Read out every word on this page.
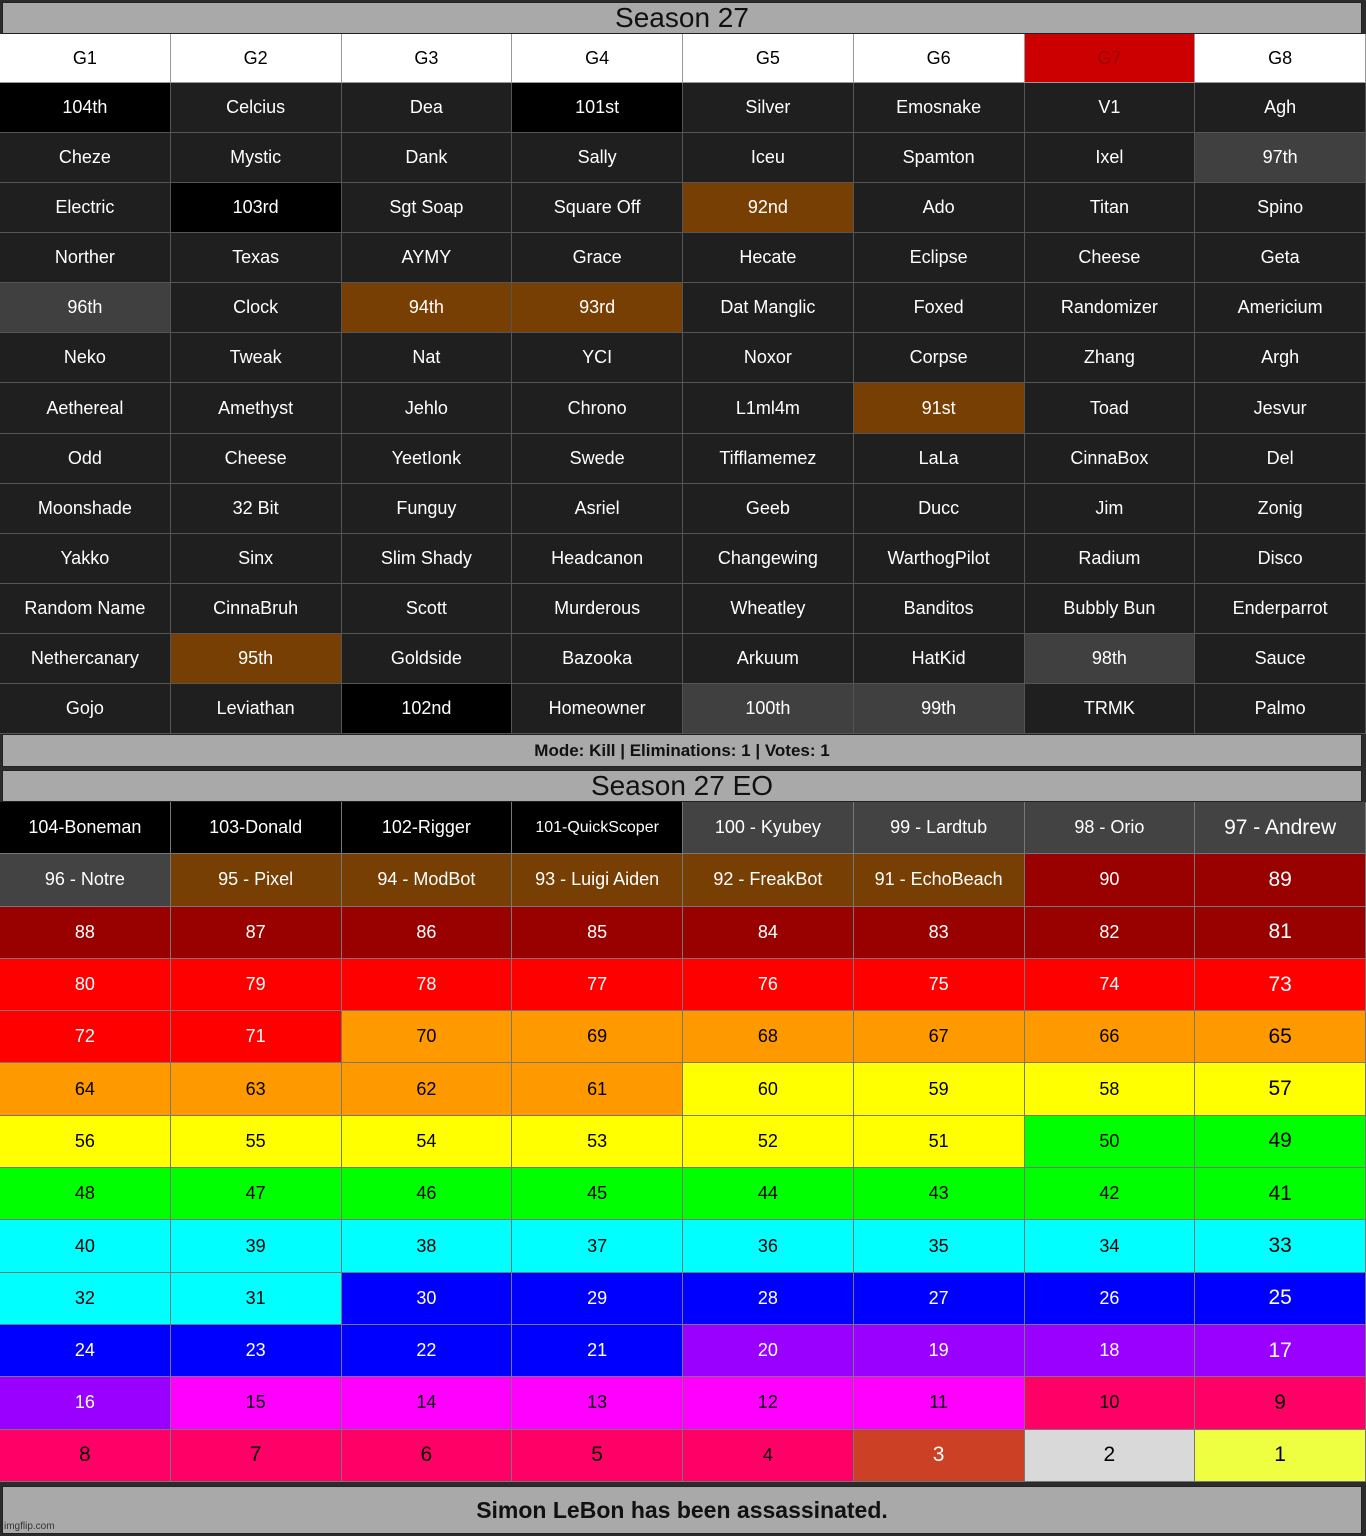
Season 27
G1	G2	G3	G4	G5	G6	G7	G8
104th	Celcius	Dea	101st	Silver	Emosnake	V1	Agh
Cheze	Mystic	Dank	Sally	Iceu	Spamton	Ixel	97th
Electric	103rd	Sgt Soap	Square Off	92nd	Ado	Titan	Spino
Norther	Texas	AYMY	Grace	Hecate	Eclipse	Cheese	Geta
96th	Clock	94th	93rd	Dat Manglic	Foxed	Randomizer	Americium
Neko	Tweak	Nat	YCI	Noxor	Corpse	Zhang	Argh
Aethereal	Amethyst	Jehlo	Chrono	L1ml4m	91st	Toad	Jesvur
Odd	Cheese	YeetIonk	Swede	Tifflamemez	LaLa	CinnaBox	Del
Moonshade	32 Bit	Funguy	Asriel	Geeb	Ducc	Jim	Zonig
Yakko	Sinx	Slim Shady	Headcanon	Changewing	WarthogPilot	Radium	Disco
Random Name	CinnaBruh	Scott	Murderous	Wheatley	Banditos	Bubbly Bun	Enderparrot
Nethercanary	95th	Goldside	Bazooka	Arkuum	HatKid	98th	Sauce
Gojo	Leviathan	102nd	Homeowner	100th	99th	TRMK	Palmo
Mode: Kill | Eliminations: 1 | Votes: 1
Season 27 EO
104-Boneman	103-Donald	102-Rigger	101-QuickScoper	100 - Kyubey	99 - Lardtub	98 - Orio	97 - Andrew
96 - Notre	95 - Pixel	94 - ModBot	93 - Luigi Aiden	92 - FreakBot	91 - EchoBeach	90	89
88	87	86	85	84	83	82	81
80	79	78	77	76	75	74	73
72	71	70	69	68	67	66	65
64	63	62	61	60	59	58	57
56	55	54	53	52	51	50	49
48	47	46	45	44	43	42	41
40	39	38	37	36	35	34	33
32	31	30	29	28	27	26	25
24	23	22	21	20	19	18	17
16	15	14	13	12	11	10	9
8	7	6	5	4	3	2	1
Simon LeBon has been assassinated.
imgflip.com
